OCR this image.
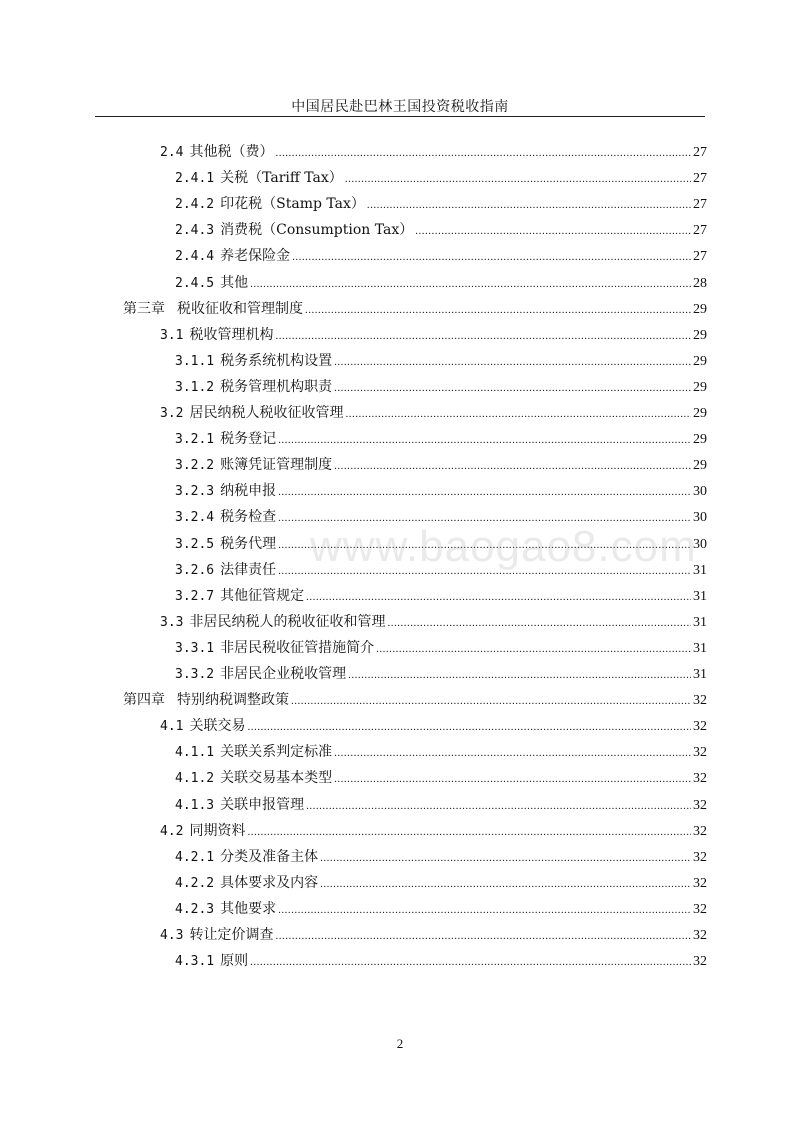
中国居民赴巴林王国投资税收指南
2.4 其他税（费） .....	27
2.4.1 关税（Tariff Tax） .....	27
2.4.2 印花税（Stamp Tax） .....	27
2.4.3 消费税（Consumption Tax） .....	27
2.4.4 养老保险金 .....	27
2.4.5 其他 .....	28
第三章 税收征收和管理制度 .....	29
3.1 税收管理机构 .....	29
3.1.1 税务系统机构设置 .....	29
3.1.2 税务管理机构职责 .....	29
3.2 居民纳税人税收征收管理 .....	29
3.2.1 税务登记 .....	29
3.2.2 账簿凭证管理制度 .....	29
3.2.3 纳税申报 .....	30
3.2.4 税务检查 .....	30
3.2.5 税务代理 .....	30
3.2.6 法律责任 .....	31
3.2.7 其他征管规定 .....	31
3.3 非居民纳税人的税收征收和管理 .....	31
3.3.1 非居民税收征管措施简介 .....	31
3.3.2 非居民企业税收管理 .....	31
第四章 特别纳税调整政策 .....	32
4.1 关联交易 .....	32
4.1.1 关联关系判定标准 .....	32
4.1.2 关联交易基本类型 .....	32
4.1.3 关联申报管理 .....	32
4.2 同期资料 .....	32
4.2.1 分类及准备主体 .....	32
4.2.2 具体要求及内容 .....	32
4.2.3 其他要求 .....	32
4.3 转让定价调查 .....	32
4.3.1 原则 .....	32
www.baogao8.com
2
